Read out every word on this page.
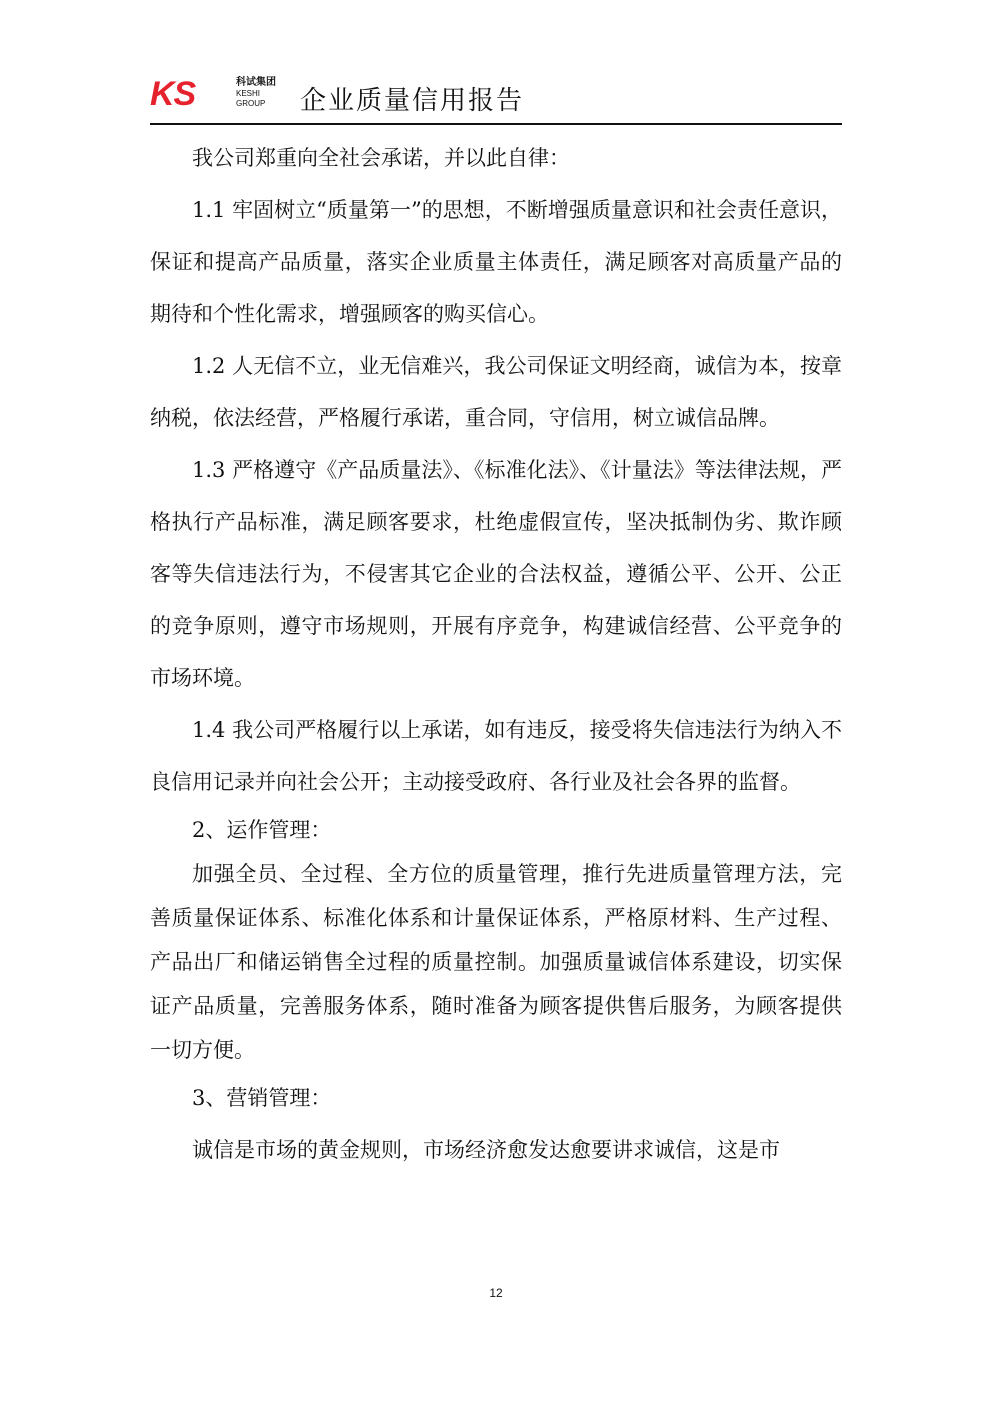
KS	科试集团
KESHI
GROUP	企业质量信用报告

我公司郑重向全社会承诺，并以此自律：

1.1 牢固树立“质量第一”的思想，不断增强质量意识和社会责任意识，保证和提高产品质量，落实企业质量主体责任，满足顾客对高质量产品的期待和个性化需求，增强顾客的购买信心。

1.2 人无信不立，业无信难兴，我公司保证文明经商，诚信为本，按章纳税，依法经营，严格履行承诺，重合同，守信用，树立诚信品牌。

1.3 严格遵守《产品质量法》、《标准化法》、《计量法》等法律法规，严格执行产品标准，满足顾客要求，杜绝虚假宣传，坚决抵制伪劣、欺诈顾客等失信违法行为，不侵害其它企业的合法权益，遵循公平、公开、公正的竞争原则，遵守市场规则，开展有序竞争，构建诚信经营、公平竞争的市场环境。

1.4 我公司严格履行以上承诺，如有违反，接受将失信违法行为纳入不良信用记录并向社会公开；主动接受政府、各行业及社会各界的监督。

2、运作管理：

加强全员、全过程、全方位的质量管理，推行先进质量管理方法，完善质量保证体系、标准化体系和计量保证体系，严格原材料、生产过程、产品出厂和储运销售全过程的质量控制。加强质量诚信体系建设，切实保证产品质量，完善服务体系，随时准备为顾客提供售后服务，为顾客提供一切方便。

3、营销管理：

诚信是市场的黄金规则，市场经济愈发达愈要讲求诚信，这是市

12
